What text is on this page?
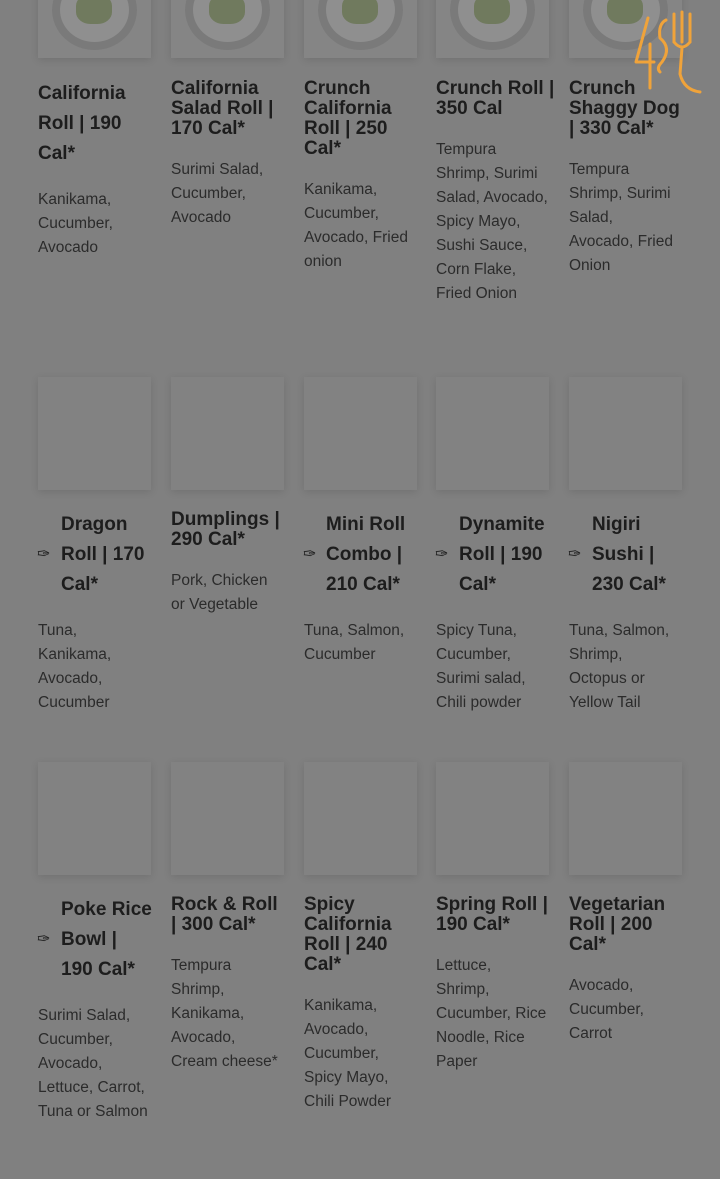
California Roll | 190 Cal*
Kanikama, Cucumber, Avocado
California Salad Roll | 170 Cal*
Surimi Salad, Cucumber, Avocado
Crunch California Roll | 250 Cal*
Kanikama, Cucumber, Avocado, Fried onion
Crunch Roll | 350 Cal
Tempura Shrimp, Surimi Salad, Avocado, Spicy Mayo, Sushi Sauce, Corn Flake, Fried Onion
Crunch Shaggy Dog | 330 Cal*
Tempura Shrimp, Surimi Salad, Avocado, Fried Onion
✑
Dragon Roll | 170 Cal*
Tuna, Kanikama, Avocado, Cucumber
Dumplings | 290 Cal*
Pork, Chicken or Vegetable
✑
Mini Roll Combo | 210 Cal*
Tuna, Salmon, Cucumber
✑
Dynamite Roll | 190 Cal*
Spicy Tuna, Cucumber, Surimi salad, Chili powder
✑
Nigiri Sushi | 230 Cal*
Tuna, Salmon, Shrimp, Octopus or Yellow Tail
✑
Poke Rice Bowl | 190 Cal*
Surimi Salad, Cucumber, Avocado, Lettuce, Carrot, Tuna or Salmon
Rock & Roll | 300 Cal*
Tempura Shrimp, Kanikama, Avocado, Cream cheese*
Spicy California Roll | 240 Cal*
Kanikama, Avocado, Cucumber, Spicy Mayo, Chili Powder
Spring Roll | 190 Cal*
Lettuce, Shrimp, Cucumber, Rice Noodle, Rice Paper
Vegetarian Roll | 200 Cal*
Avocado, Cucumber, Carrot
